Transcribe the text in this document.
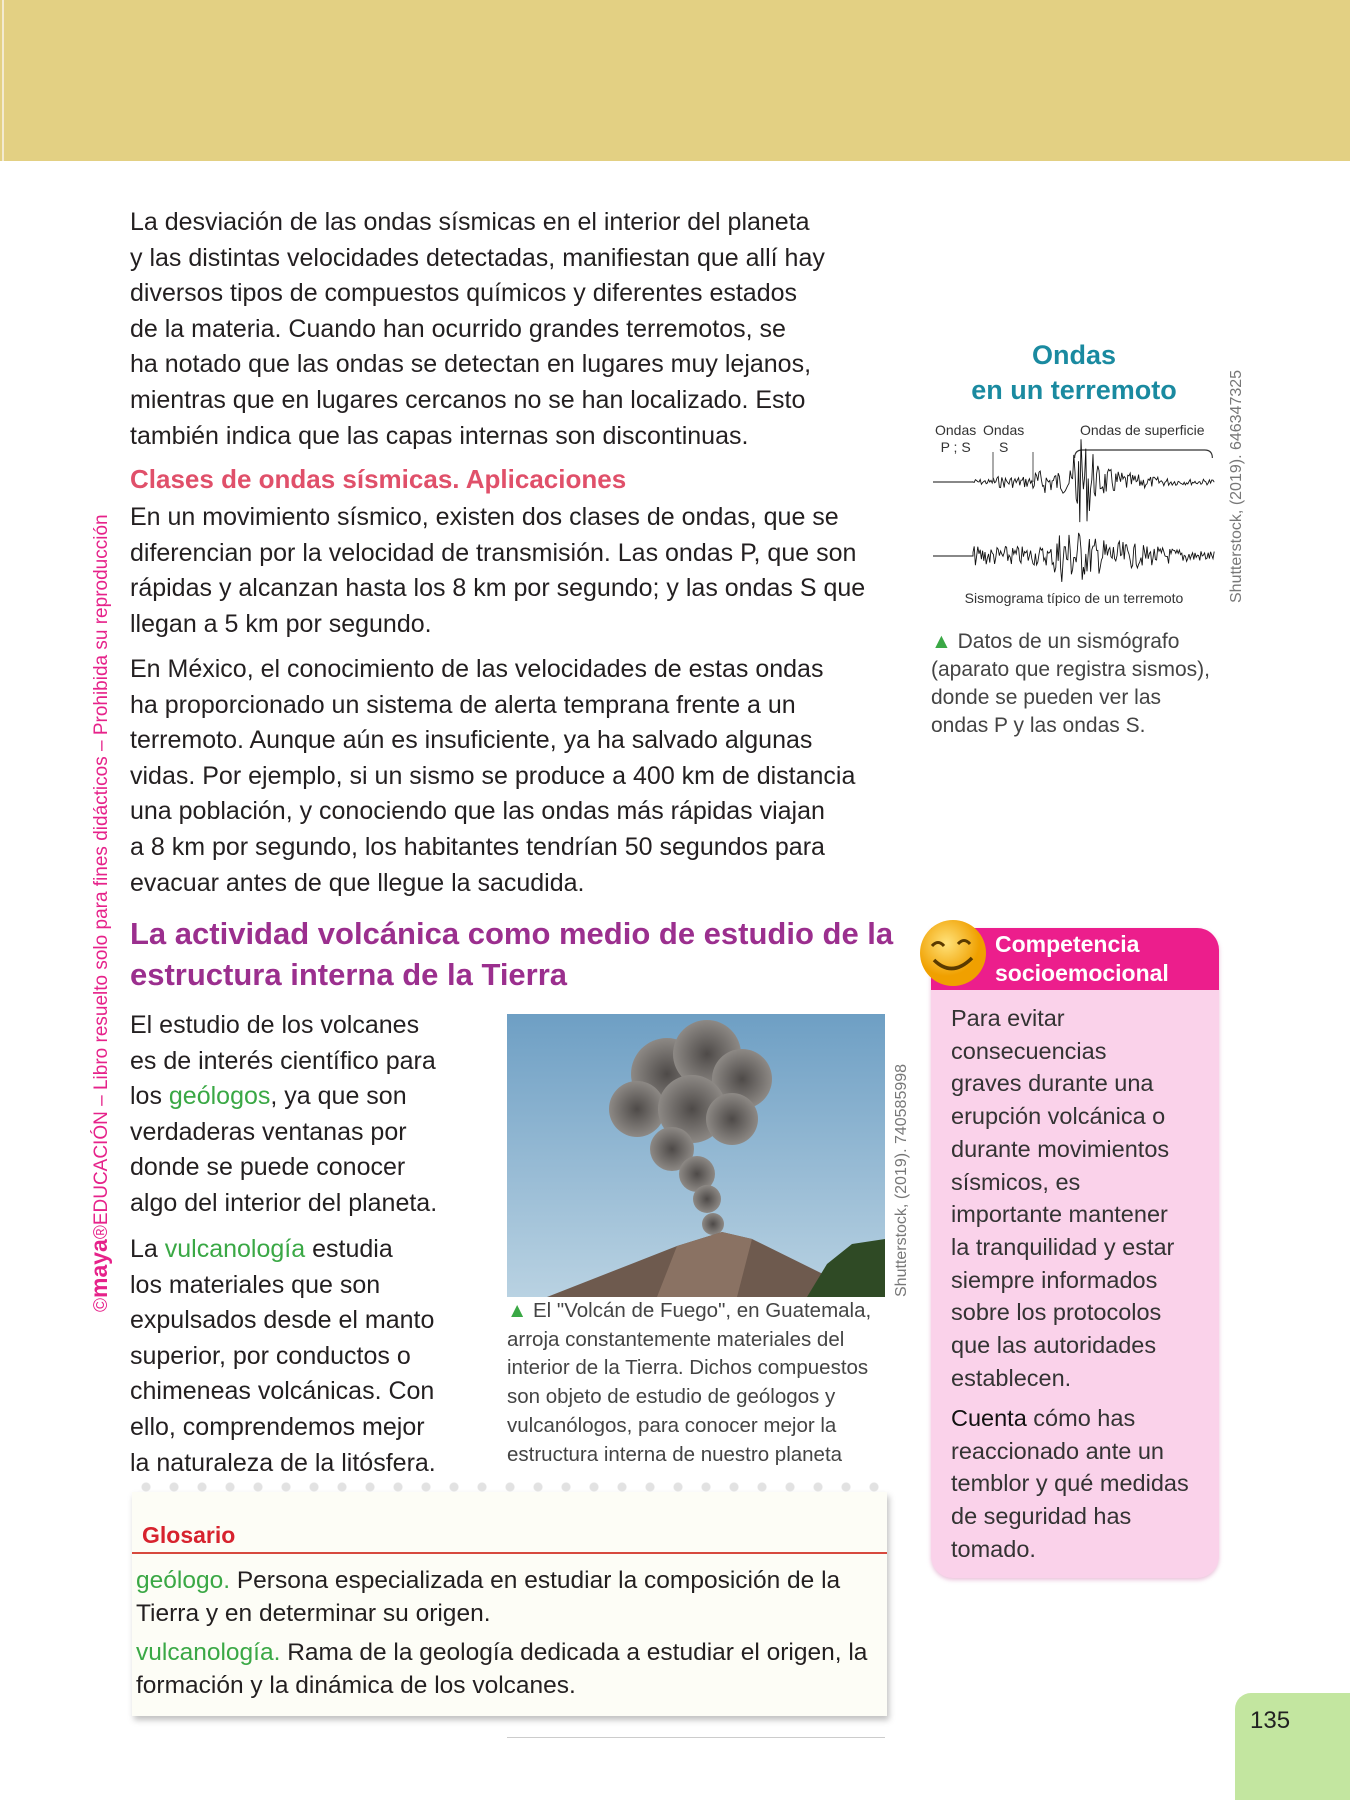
©maya®EDUCACIÓN – Libro resuelto solo para fines didácticos – Prohibida su reproducción
La desviación de las ondas sísmicas en el interior del planeta
y las distintas velocidades detectadas, manifiestan que allí hay
diversos tipos de compuestos químicos y diferentes estados
de la materia. Cuando han ocurrido grandes terremotos, se
ha notado que las ondas se detectan en lugares muy lejanos,
mientras que en lugares cercanos no se han localizado. Esto
también indica que las capas internas son discontinuas.
Clases de ondas sísmicas. Aplicaciones
En un movimiento sísmico, existen dos clases de ondas, que se
diferencian por la velocidad de transmisión. Las ondas P, que son
rápidas y alcanzan hasta los 8 km por segundo; y las ondas S que
llegan a 5 km por segundo.
En México, el conocimiento de las velocidades de estas ondas
ha proporcionado un sistema de alerta temprana frente a un
terremoto. Aunque aún es insuficiente, ya ha salvado algunas
vidas. Por ejemplo, si un sismo se produce a 400 km de distancia
una población, y conociendo que las ondas más rápidas viajan
a 8 km por segundo, los habitantes tendrían 50 segundos para
evacuar antes de que llegue la sacudida.
La actividad volcánica como medio de estudio de la
estructura interna de la Tierra
El estudio de los volcanes
es de interés científico para
los geólogos, ya que son
verdaderas ventanas por
donde se puede conocer
algo del interior del planeta.
La vulcanología estudia
los materiales que son
expulsados desde el manto
superior, por conductos o
chimeneas volcánicas. Con
ello, comprendemos mejor
la naturaleza de la litósfera.
Shutterstock, (2019). 740585998
▲ El "Volcán de Fuego", en Guatemala,
arroja constantemente materiales del
interior de la Tierra. Dichos compuestos
son objeto de estudio de geólogos y
vulcanólogos, para conocer mejor la
estructura interna de nuestro planeta
Glosario
geólogo. Persona especializada en estudiar la composición de la
Tierra y en determinar su origen.
vulcanología. Rama de la geología dedicada a estudiar el origen, la
formación y la dinámica de los volcanes.
Ondas
en un terremoto
Ondas
P ; S
Ondas
S
Ondas de superficie
Sismograma típico de un terremoto	Shutterstock, (2019). 646347325
▲ Datos de un sismógrafo
(aparato que registra sismos),
donde se pueden ver las
ondas P y las ondas S.
Competencia
socioemocional
Para evitar
consecuencias
graves durante una
erupción volcánica o
durante movimientos
sísmicos, es
importante mantener
la tranquilidad y estar
siempre informados
sobre los protocolos
que las autoridades
establecen.
Cuenta cómo has
reaccionado ante un
temblor y qué medidas
de seguridad has
tomado.
135
